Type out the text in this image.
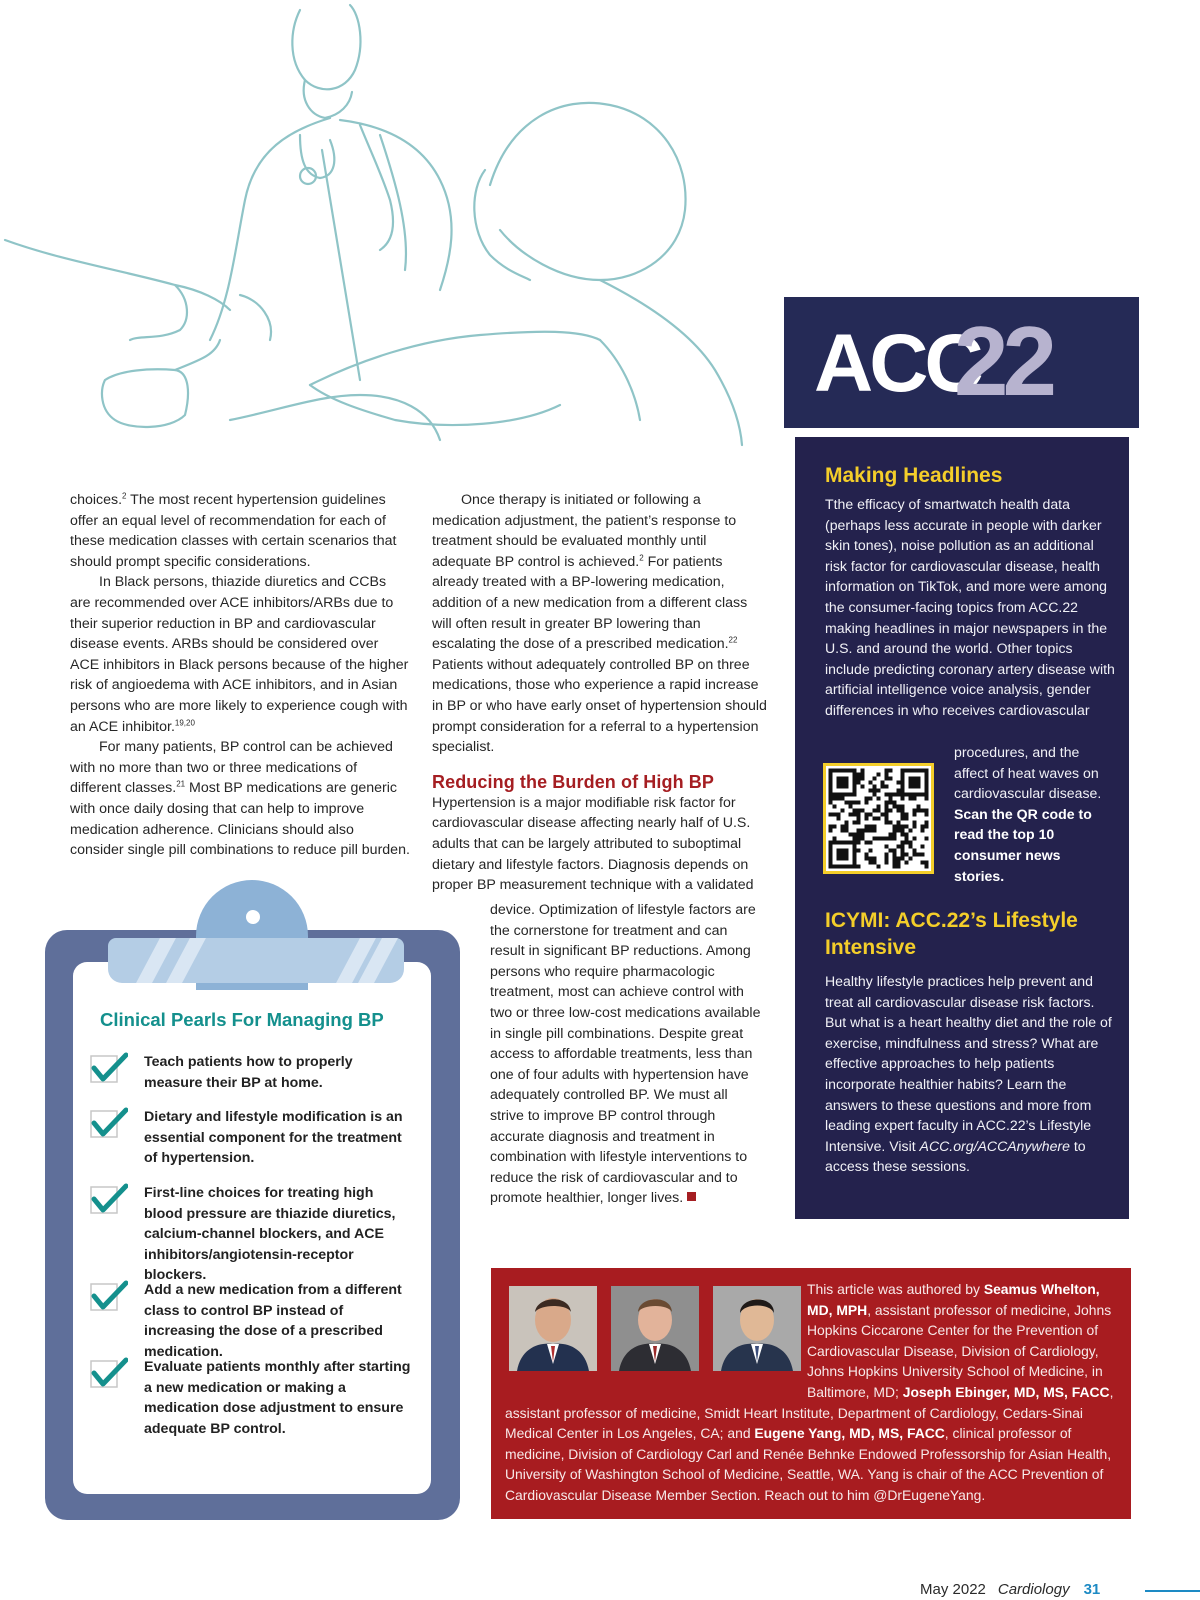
choices.$^2$ The most recent hypertension guidelines offer an equal level of recommendation for each of these medication classes with certain scenarios that should prompt specific considerations.

In Black persons, thiazide diuretics and CCBs are recommended over ACE inhibitors/ARBs due to their superior reduction in BP and cardiovascular disease events. ARBs should be considered over ACE inhibitors in Black persons because of the higher risk of angioedema with ACE inhibitors, and in Asian persons who are more likely to experience cough with an ACE inhibitor.$^{19,20}$

For many patients, BP control can be achieved with no more than two or three medications of different classes.$^{21}$ Most BP medications are generic with once daily dosing that can help to improve medication adherence. Clinicians should also consider single pill combinations to reduce pill burden.

Once therapy is initiated or following a medication adjustment, the patient’s response to treatment should be evaluated monthly until adequate BP control is achieved.$^2$ For patients already treated with a BP-lowering medication, addition of a new medication from a different class will often result in greater BP lowering than escalating the dose of a prescribed medication.$^{22}$ Patients without adequately controlled BP on three medications, those who experience a rapid increase in BP or who have early onset of hypertension should prompt consideration for a referral to a hypertension specialist.

Reducing the Burden of High BP

Hypertension is a major modifiable risk factor for cardiovascular disease affecting nearly half of U.S. adults that can be largely attributed to suboptimal dietary and lifestyle factors. Diagnosis depends on proper BP measurement technique with a validated

device. Optimization of lifestyle factors are the cornerstone for treatment and can result in significant BP reductions. Among persons who require pharmacologic treatment, most can achieve control with two or three low-cost medications available in single pill combinations. Despite great access to affordable treatments, less than one of four adults with hypertension have adequately controlled BP. We must all strive to improve BP control through accurate diagnosis and treatment in combination with lifestyle interventions to reduce the risk of cardiovascular and to promote healthier, longer lives.

ACC
22

Making Headlines

Tthe efficacy of smartwatch health data (perhaps less accurate in people with darker skin tones), noise pollution as an additional risk factor for cardiovascular disease, health information on TikTok, and more were among the consumer-facing topics from ACC.22 making headlines in major newspapers in the U.S. and around the world. Other topics include predicting coronary artery disease with artificial intelligence voice analysis, gender differences in who receives cardiovascular

procedures, and the affect of heat waves on cardiovascular disease. Scan the QR code to read the top 10 consumer news stories.

ICYMI: ACC.22’s Lifestyle Intensive

Healthy lifestyle practices help prevent and treat all cardiovascular disease risk factors. But what is a heart healthy diet and the role of exercise, mindfulness and stress? What are effective approaches to help patients incorporate healthier habits? Learn the answers to these questions and more from leading expert faculty in ACC.22’s Lifestyle Intensive. Visit ACC.org/ACCAnywhere to access these sessions.

Clinical Pearls For Managing BP

Teach patients how to properly measure their BP at home.

Dietary and lifestyle modification is an essential component for the treatment of hypertension.

First-line choices for treating high blood pressure are thiazide diuretics, calcium-channel blockers, and ACE inhibitors/angiotensin-receptor blockers.

Add a new medication from a different class to control BP instead of increasing the dose of a prescribed medication.

Evaluate patients monthly after starting a new medication or making a medication dose adjustment to ensure adequate BP control.

This article was authored by Seamus Whelton, MD, MPH, assistant professor of medicine, Johns Hopkins Ciccarone Center for the Prevention of Cardiovascular Disease, Division of Cardiology, Johns Hopkins University School of Medicine, in Baltimore, MD; Joseph Ebinger, MD, MS, FACC, assistant professor of medicine, Smidt Heart Institute, Department of Cardiology, Cedars-Sinai Medical Center in Los Angeles, CA; and Eugene Yang, MD, MS, FACC, clinical professor of medicine, Division of Cardiology Carl and Renée Behnke Endowed Professorship for Asian Health, University of Washington School of Medicine, Seattle, WA. Yang is chair of the ACC Prevention of Cardiovascular Disease Member Section. Reach out to him @DrEugeneYang.

May 2022 Cardiology 31
